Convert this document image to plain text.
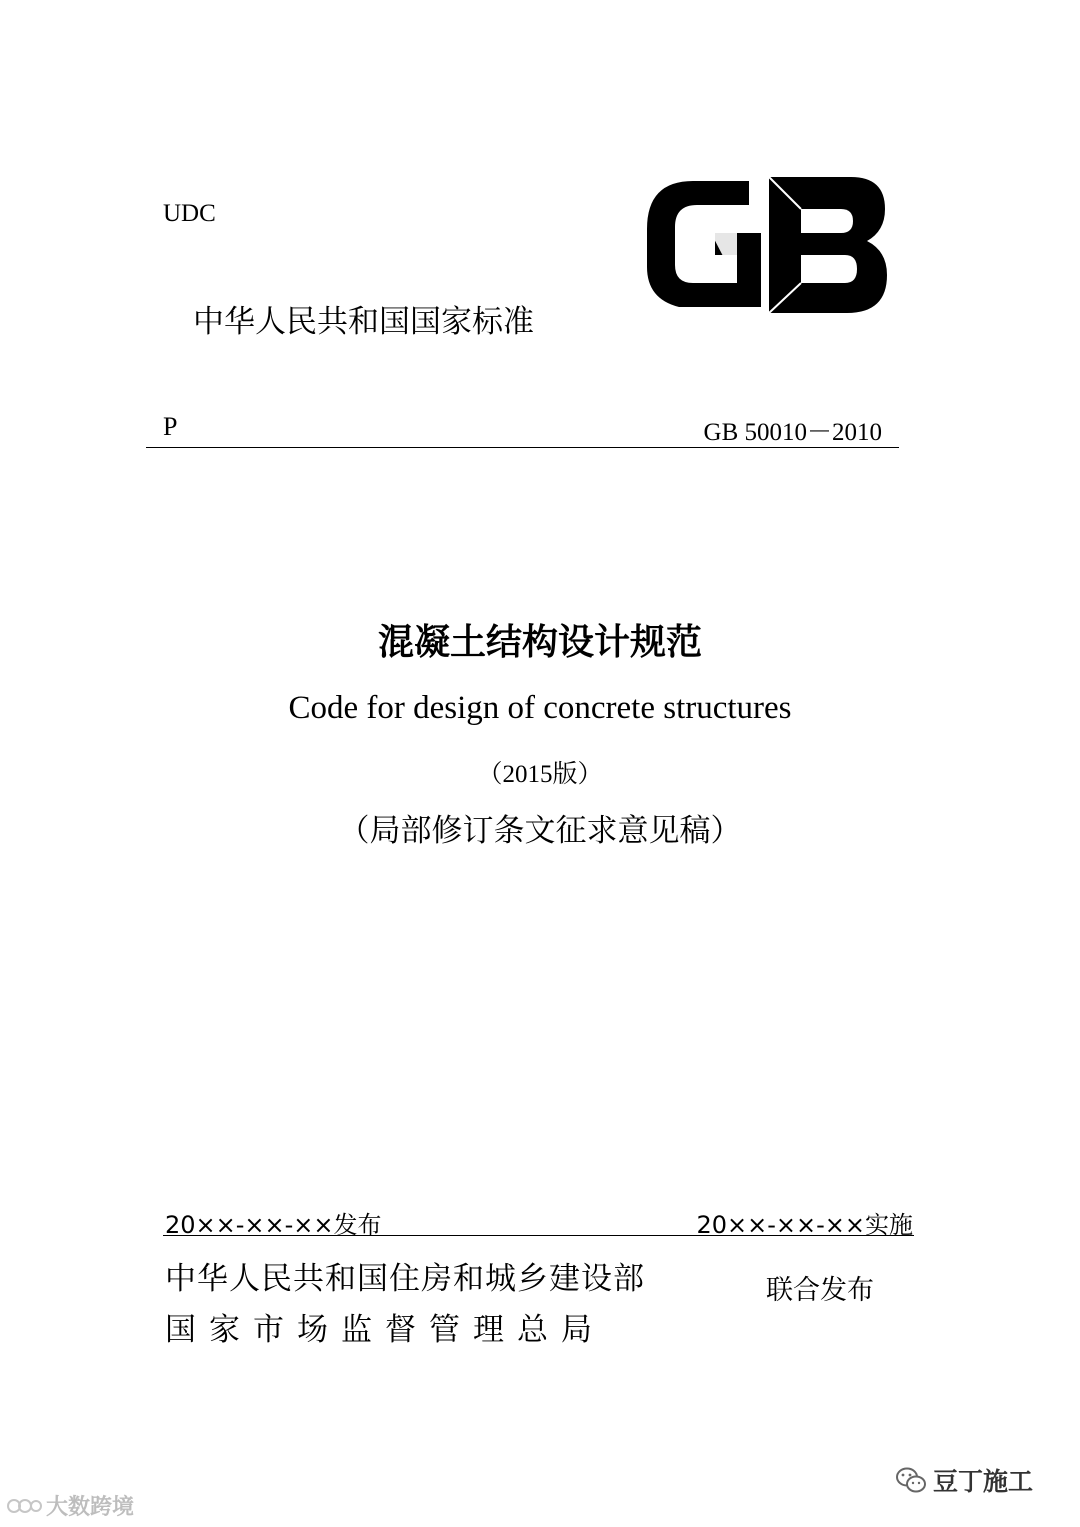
UDC
中华人民共和国国家标准
P	GB 50010－2010
混凝土结构设计规范
Code for design of concrete structures
（2015版）
（局部修订条文征求意见稿）
20××-××-××发布	20××-××-××实施
中华人民共和国住房和城乡建设部
国家市场监督管理总局
联合发布
豆丁施工
大数跨境
